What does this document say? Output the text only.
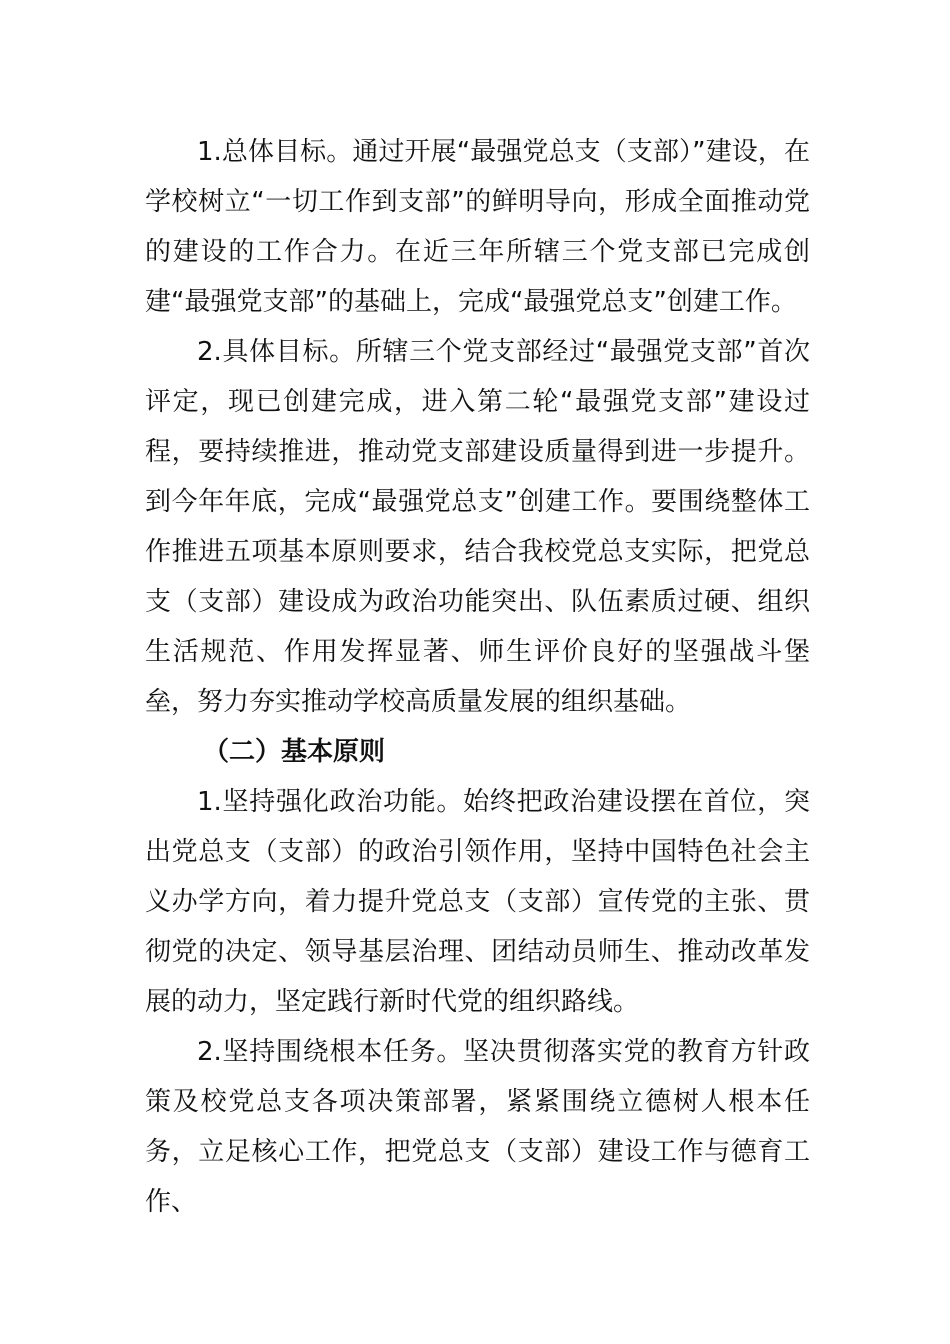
1.总体目标。通过开展“最强党总支（支部）”建设，在学校树立“一切工作到支部”的鲜明导向，形成全面推动党的建设的工作合力。在近三年所辖三个党支部已完成创建“最强党支部”的基础上，完成“最强党总支”创建工作。

2.具体目标。所辖三个党支部经过“最强党支部”首次评定，现已创建完成，进入第二轮“最强党支部”建设过程，要持续推进，推动党支部建设质量得到进一步提升。到今年年底，完成“最强党总支”创建工作。要围绕整体工作推进五项基本原则要求，结合我校党总支实际，把党总支（支部）建设成为政治功能突出、队伍素质过硬、组织生活规范、作用发挥显著、师生评价良好的坚强战斗堡垒，努力夯实推动学校高质量发展的组织基础。

（二）基本原则

1.坚持强化政治功能。始终把政治建设摆在首位，突出党总支（支部）的政治引领作用，坚持中国特色社会主义办学方向，着力提升党总支（支部）宣传党的主张、贯彻党的决定、领导基层治理、团结动员师生、推动改革发展的动力，坚定践行新时代党的组织路线。

2.坚持围绕根本任务。坚决贯彻落实党的教育方针政策及校党总支各项决策部署，紧紧围绕立德树人根本任务，立足核心工作，把党总支（支部）建设工作与德育工作、
